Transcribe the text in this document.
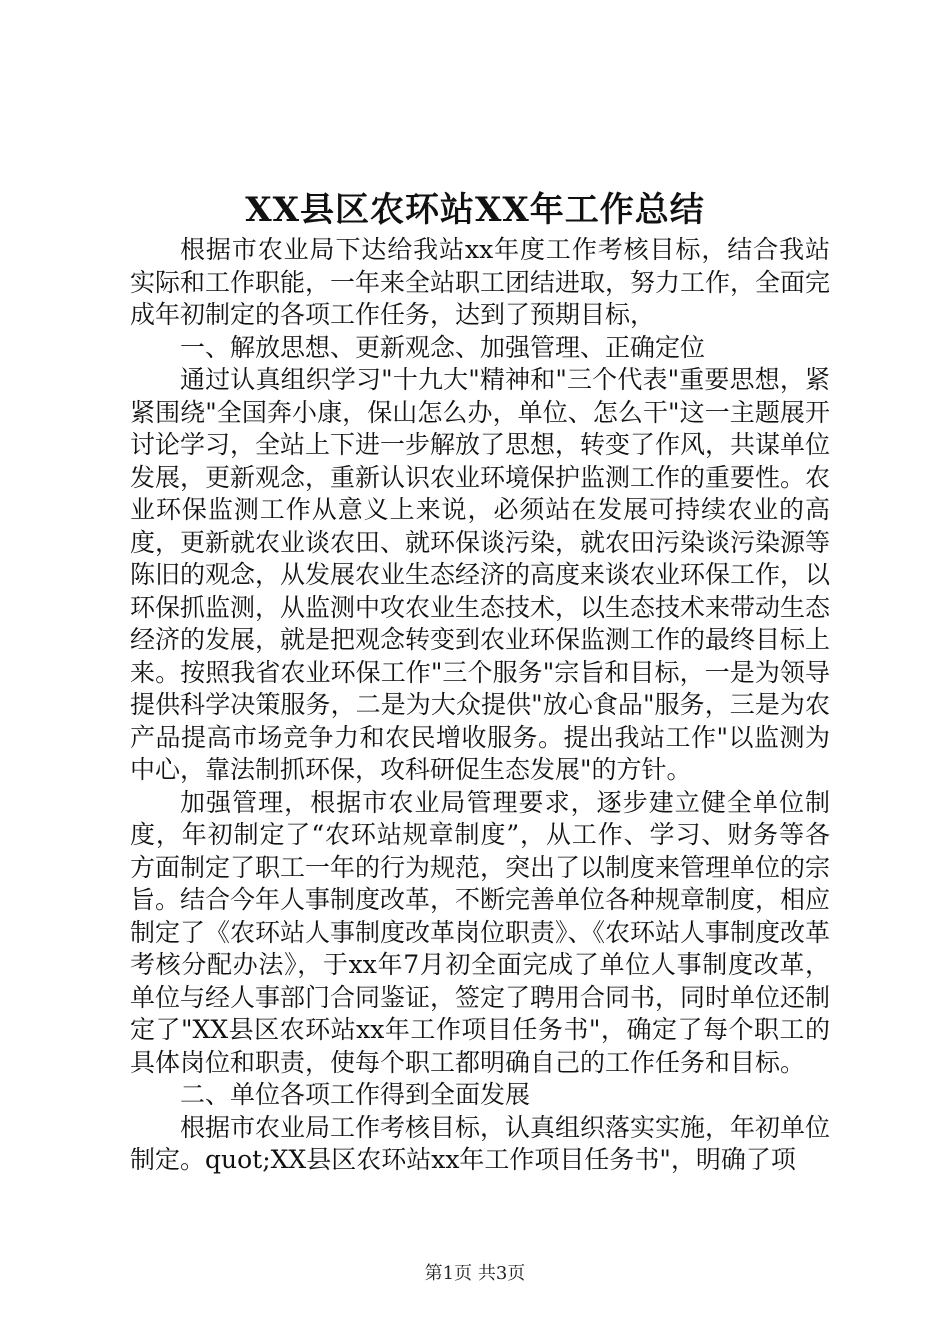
XX县区农环站XX年工作总结

根据市农业局下达给我站xx年度工作考核目标，结合我站实际和工作职能，一年来全站职工团结进取，努力工作，全面完成年初制定的各项工作任务，达到了预期目标，

一、解放思想、更新观念、加强管理、正确定位

通过认真组织学习"十九大"精神和"三个代表"重要思想，紧紧围绕"全国奔小康，保山怎么办，单位、怎么干"这一主题展开讨论学习，全站上下进一步解放了思想，转变了作风，共谋单位发展，更新观念，重新认识农业环境保护监测工作的重要性。农业环保监测工作从意义上来说，必须站在发展可持续农业的高度，更新就农业谈农田、就环保谈污染，就农田污染谈污染源等陈旧的观念，从发展农业生态经济的高度来谈农业环保工作，以环保抓监测，从监测中攻农业生态技术，以生态技术来带动生态经济的发展，就是把观念转变到农业环保监测工作的最终目标上来。按照我省农业环保工作"三个服务"宗旨和目标，一是为领导提供科学决策服务，二是为大众提供"放心食品"服务，三是为农产品提高市场竞争力和农民增收服务。提出我站工作"以监测为中心，靠法制抓环保，攻科研促生态发展"的方针。

加强管理，根据市农业局管理要求，逐步建立健全单位制度，年初制定了“农环站规章制度”，从工作、学习、财务等各方面制定了职工一年的行为规范，突出了以制度来管理单位的宗旨。结合今年人事制度改革，不断完善单位各种规章制度，相应制定了《农环站人事制度改革岗位职责》、《农环站人事制度改革考核分配办法》，于xx年7月初全面完成了单位人事制度改革，单位与经人事部门合同鉴证，签定了聘用合同书，同时单位还制定了"XX县区农环站xx年工作项目任务书"，确定了每个职工的具体岗位和职责，使每个职工都明确自己的工作任务和目标。

二、单位各项工作得到全面发展

根据市农业局工作考核目标，认真组织落实实施，年初单位制定。quot;XX县区农环站xx年工作项目任务书"，明确了项

第1页 共3页
